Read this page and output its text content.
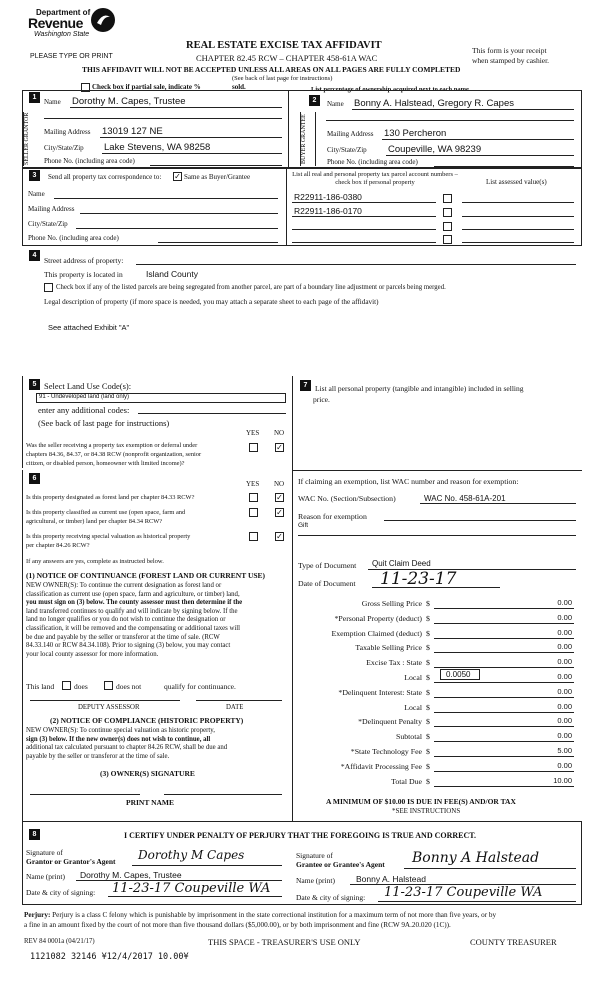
Department of
Revenue
Washington State
PLEASE TYPE OR PRINT
REAL ESTATE EXCISE TAX AFFIDAVIT
CHAPTER 82.45 RCW – CHAPTER 458-61A WAC
THIS AFFIDAVIT WILL NOT BE ACCEPTED UNLESS ALL AREAS ON ALL PAGES ARE FULLY COMPLETED
(See back of last page for instructions)
This form is your receipt
when stamped by cashier.
Check box if partial sale, indicate %	sold.	List percentage of ownership acquired next to each name.
1
SELLER GRANTOR
Name Dorothy M. Capes, Trustee
Mailing Address 13019 127 NE
City/State/Zip Lake Stevens, WA 98258
Phone No. (including area code)
2
BUYER GRANTEE
Name Bonny A. Halstead, Gregory R. Capes
Mailing Address 130 Percheron
City/State/Zip Coupeville, WA 98239
Phone No. (including area code)
3	Send all property tax correspondence to: ✓ Same as Buyer/Grantee
Name
Mailing Address
City/State/Zip
Phone No. (including area code)
List all real and personal property tax parcel account numbers – check box if personal property	List assessed value(s)
R22911-186-0380
R22911-186-0170
4
Street address of property:
This property is located in	Island County
Check box if any of the listed parcels are being segregated from another parcel, are part of a boundary line adjustment or parcels being merged.
Legal description of property (if more space is needed, you may attach a separate sheet to each page of the affidavit)
See attached Exhibit "A"
5 Select Land Use Code(s):
91 - Undeveloped land (land only)
enter any additional codes:
(See back of last page for instructions)
YES NO
Was the seller receiving a property tax exemption or deferral under
chapters 84.36, 84.37, or 84.38 RCW (nonprofit organization, senior
citizen, or disabled person, homeowner with limited income)?
✓
6
YES NO
Is this property designated as forest land per chapter 84.33 RCW?	✓
Is this property classified as current use (open space, farm and
agricultural, or timber) land per chapter 84.34 RCW?
✓
Is this property receiving special valuation as historical property
per chapter 84.26 RCW?
✓
If any answers are yes, complete as instructed below.
(1) NOTICE OF CONTINUANCE (FOREST LAND OR CURRENT USE)
NEW OWNER(S): To continue the current designation as forest land or
classification as current use (open space, farm and agriculture, or timber) land,
you must sign on (3) below. The county assessor must then determine if the
land transferred continues to qualify and will indicate by signing below. If the
land no longer qualifies or you do not wish to continue the designation or
classification, it will be removed and the compensating or additional taxes will
be due and payable by the seller or transferor at the time of sale. (RCW
84.33.140 or RCW 84.34.108). Prior to signing (3) below, you may contact
your local county assessor for more information.
This land	does	does not	qualify for continuance.
DEPUTY ASSESSOR	DATE
(2) NOTICE OF COMPLIANCE (HISTORIC PROPERTY)
NEW OWNER(S): To continue special valuation as historic property,
sign (3) below. If the new owner(s) does not wish to continue, all
additional tax calculated pursuant to chapter 84.26 RCW, shall be due and
payable by the seller or transferor at the time of sale.
(3) OWNER(S) SIGNATURE
PRINT NAME
7	List all personal property (tangible and intangible) included in selling
price.
If claiming an exemption, list WAC number and reason for exemption:
WAC No. (Section/Subsection)	WAC No. 458-61A-201
Reason for exemption
Gift
Type of Document Quit Claim Deed
Date of Document 11-23-17
Gross Selling Price $	0.00
*Personal Property (deduct) $	0.00
Exemption Claimed (deduct) $	0.00
Taxable Selling Price $	0.00
Excise Tax : State $	0.00
Local $	0.00
*Delinquent Interest: State $	0.00
Local $	0.00
*Delinquent Penalty $	0.00
Subtotal $	0.00
*State Technology Fee $	5.00
*Affidavit Processing Fee $	0.00
Total Due $	10.00
0.0050
A MINIMUM OF $10.00 IS DUE IN FEE(S) AND/OR TAX
*SEE INSTRUCTIONS
8	I CERTIFY UNDER PENALTY OF PERJURY THAT THE FOREGOING IS TRUE AND CORRECT.
Signature of
Grantor or Grantor's Agent Dorothy M Capes
Name (print) Dorothy M. Capes, Trustee
Date & city of signing: 11-23-17 Coupeville WA
Signature of
Grantee or Grantee's Agent Bonny A Halstead
Name (print) Bonny A. Halstead
Date & city of signing: 11-23-17 Coupeville WA
Perjury: Perjury is a class C felony which is punishable by imprisonment in the state correctional institution for a maximum term of not more than five years, or by
a fine in an amount fixed by the court of not more than five thousand dollars ($5,000.00), or by both imprisonment and fine (RCW 9A.20.020 (1C)).
REV 84 0001a (04/21/17)	THIS SPACE - TREASURER'S USE ONLY	COUNTY TREASURER
1121082 32146 ¥12/4/2017 10.00¥
